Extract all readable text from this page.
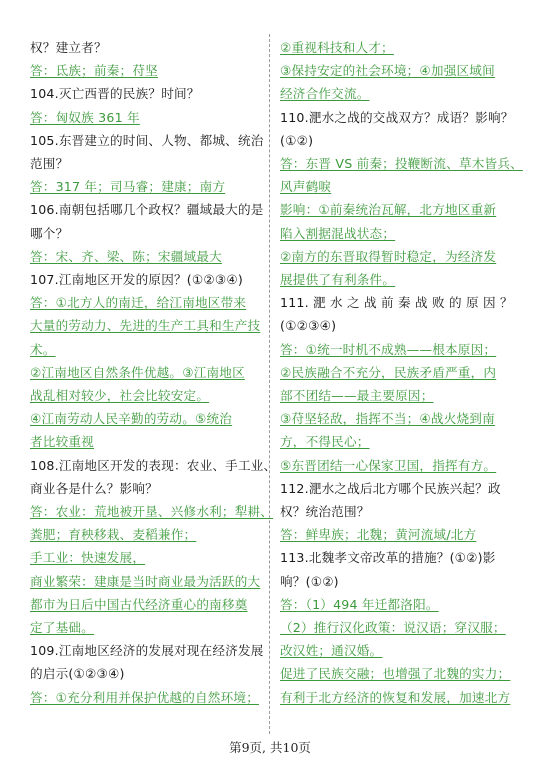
权？建立者？
答：氐族；前秦；苻坚
104.灭亡西晋的民族？时间？
答：匈奴族 361 年
105.东晋建立的时间、人物、都城、统治
范围？
答：317 年；司马睿；建康；南方
106.南朝包括哪几个政权？疆域最大的是
哪个？
答：宋、齐、梁、陈；宋疆域最大
107.江南地区开发的原因？(①②③④)
答：①北方人的南迁，给江南地区带来
大量的劳动力、先进的生产工具和生产技
术。
②江南地区自然条件优越。③江南地区
战乱相对较少，社会比较安定。
④江南劳动人民辛勤的劳动。⑤统治
者比较重视
108.江南地区开发的表现：农业、手工业、
商业各是什么？影响？
答：农业：荒地被开垦、兴修水利；犁耕、
粪肥；育秧移栽、麦稻兼作；
手工业：快速发展，
商业繁荣：建康是当时商业最为活跃的大
都市为日后中国古代经济重心的南移奠
定了基础。
109.江南地区经济的发展对现在经济发展
的启示(①②③④)
答：①充分利用并保护优越的自然环境；
②重视科技和人才；
③保持安定的社会环境；④加强区域间
经济合作交流。
110.淝水之战的交战双方？成语？影响？
(①②)
答：东晋 VS 前秦；投鞭断流、草木皆兵、
风声鹤唳
影响：①前秦统治瓦解，北方地区重新
陷入割据混战状态；
②南方的东晋取得暂时稳定，为经济发
展提供了有利条件。
111. 淝 水 之 战 前 秦 战 败 的 原 因 ？
(①②③④)
答：①统一时机不成熟——根本原因；
②民族融合不充分，民族矛盾严重，内
部不团结——最主要原因；
③苻坚轻敌，指挥不当；④战火烧到南
方，不得民心；
⑤东晋团结一心保家卫国，指挥有方。
112.淝水之战后北方哪个民族兴起？政
权？统治范围？
答：鲜卑族；北魏；黄河流域/北方
113.北魏孝文帝改革的措施？(①②)影
响？(①②)
答：（1）494 年迁都洛阳。
（2）推行汉化政策：说汉语；穿汉服；
改汉姓；通汉婚。
促进了民族交融；也增强了北魏的实力；
有利于北方经济的恢复和发展，加速北方
第9页, 共10页
